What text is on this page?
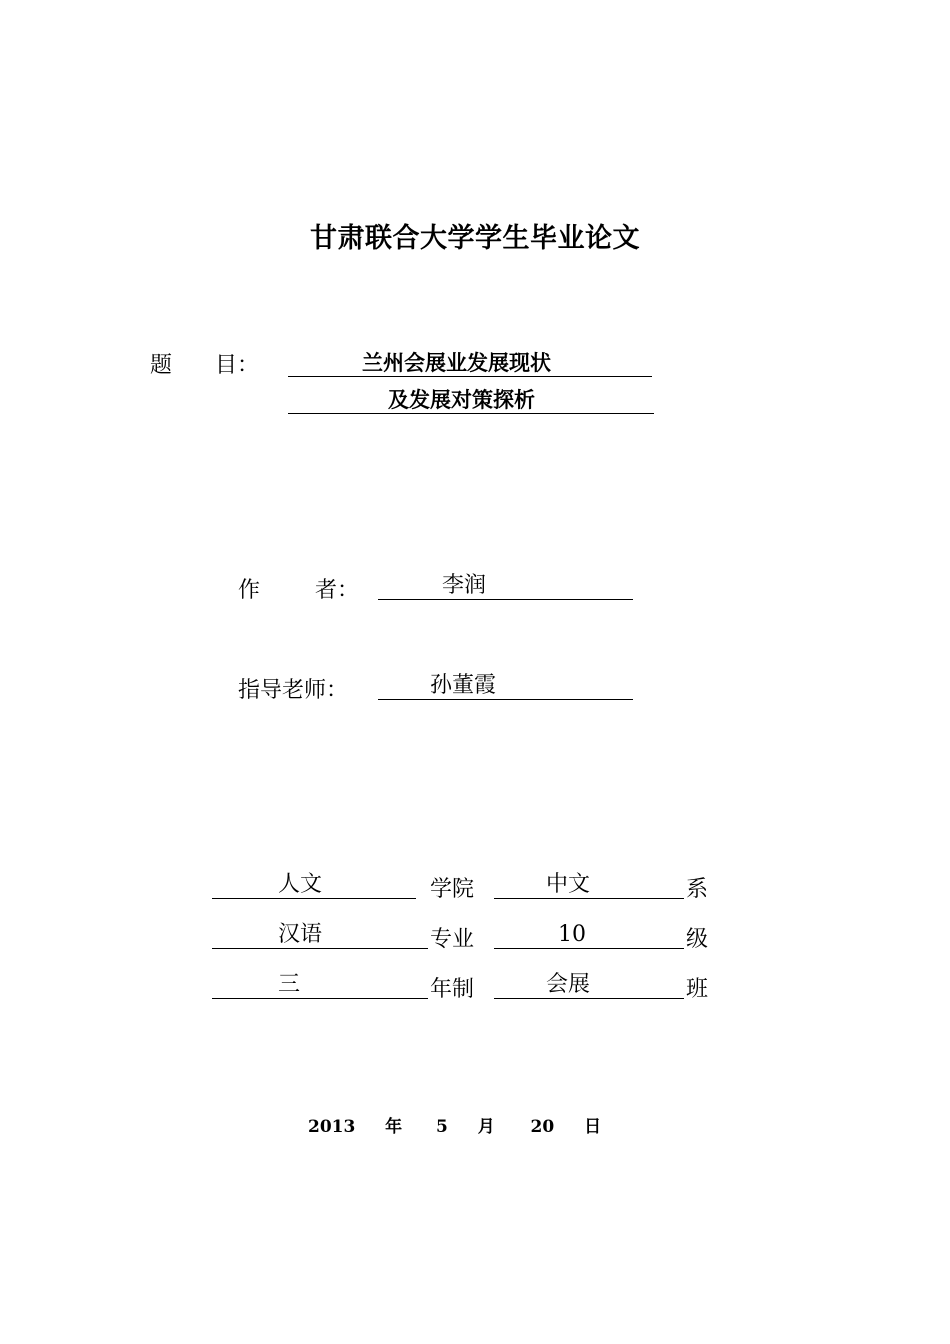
甘肃联合大学学生毕业论文
题 目：	兰州会展业发展现状
及发展对策探析
作 者：	李润
指导老师：	孙董霞
人文	学院	中文	系
汉语	专业	10	级
三	年制	会展	班
2013 年 5 月 20 日
